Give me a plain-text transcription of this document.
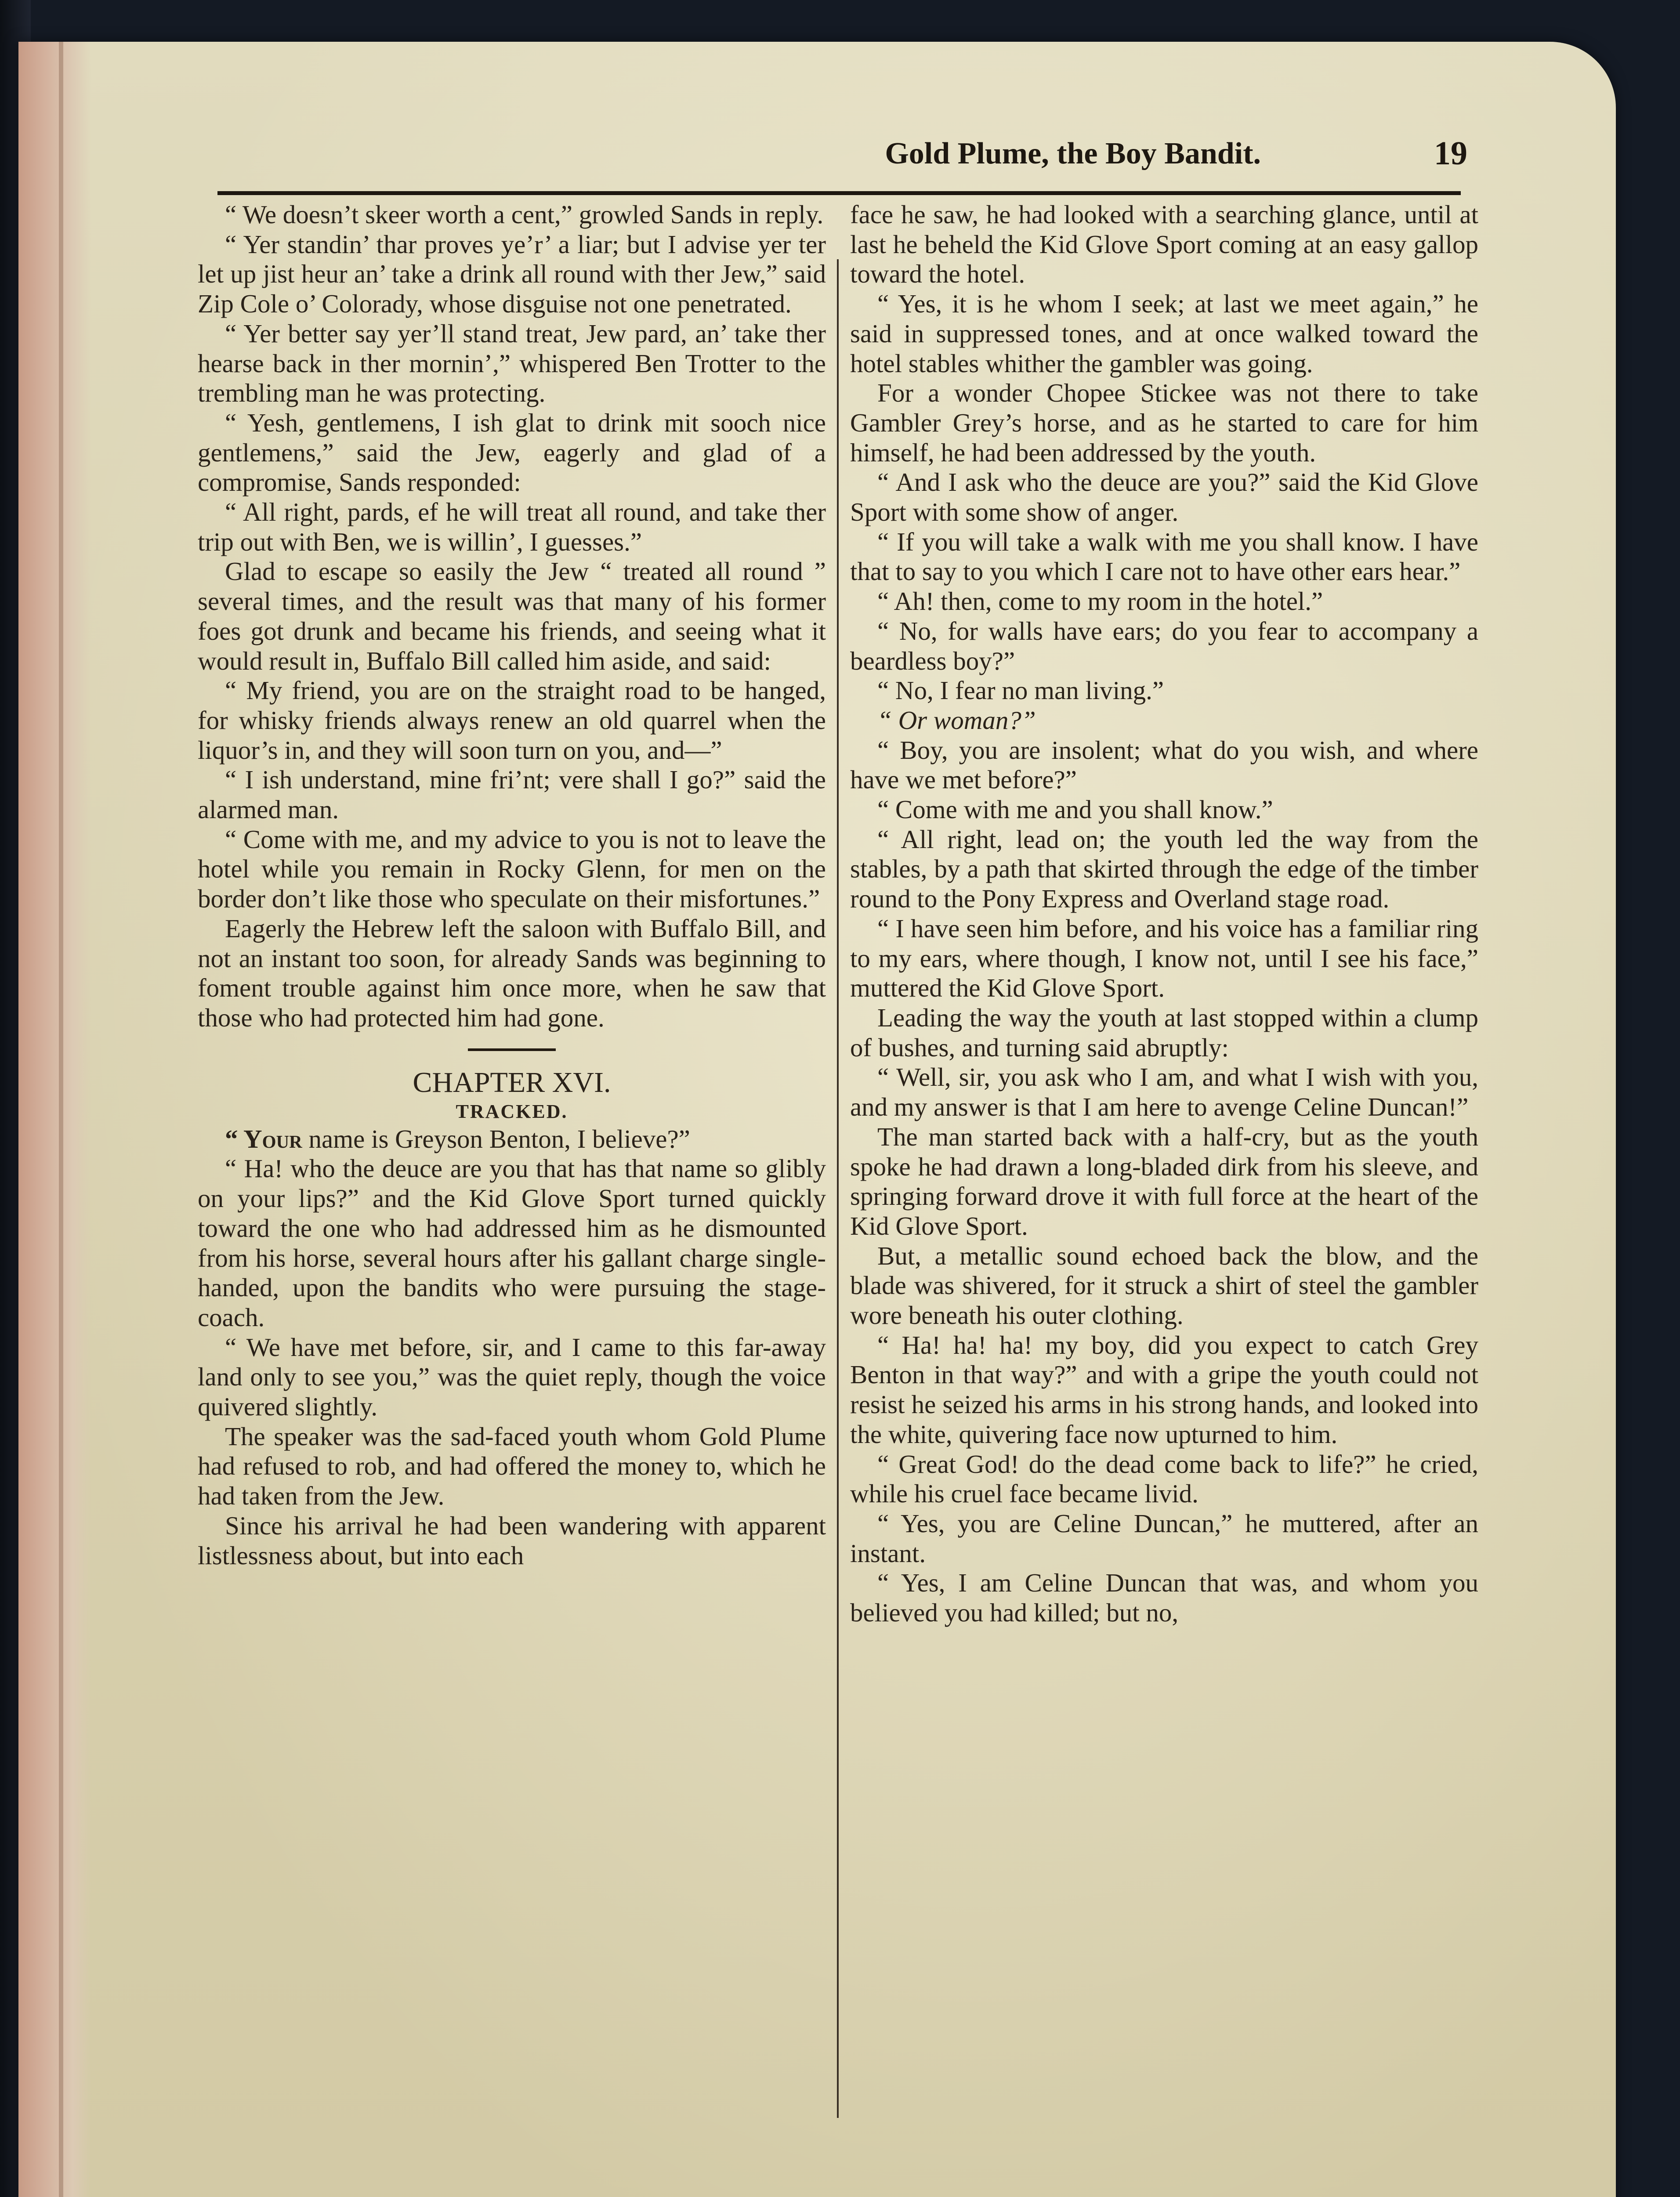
Gold Plume, the Boy Bandit.	19

“ We doesn’t skeer worth a cent,” growled Sands in reply.

“ Yer standin’ thar proves ye’r’ a liar; but I advise yer ter let up jist heur an’ take a drink all round with ther Jew,” said Zip Cole o’ Colorady, whose disguise not one penetrated.

“ Yer better say yer’ll stand treat, Jew pard, an’ take ther hearse back in ther mornin’,” whispered Ben Trotter to the trembling man he was protecting.

“ Yesh, gentlemens, I ish glat to drink mit sooch nice gentlemens,” said the Jew, eagerly and glad of a compromise, Sands responded:

“ All right, pards, ef he will treat all round, and take ther trip out with Ben, we is willin’, I guesses.”

Glad to escape so easily the Jew “ treated all round ” several times, and the result was that many of his former foes got drunk and became his friends, and seeing what it would result in, Buffalo Bill called him aside, and said:

“ My friend, you are on the straight road to be hanged, for whisky friends always renew an old quarrel when the liquor’s in, and they will soon turn on you, and—”

“ I ish understand, mine fri’nt; vere shall I go?” said the alarmed man.

“ Come with me, and my advice to you is not to leave the hotel while you remain in Rocky Glenn, for men on the border don’t like those who speculate on their misfortunes.”

Eagerly the Hebrew left the saloon with Buffalo Bill, and not an instant too soon, for already Sands was beginning to foment trouble against him once more, when he saw that those who had protected him had gone.

CHAPTER XVI.

TRACKED.

“ Your name is Greyson Benton, I believe?”

“ Ha! who the deuce are you that has that name so glibly on your lips?” and the Kid Glove Sport turned quickly toward the one who had addressed him as he dismounted from his horse, several hours after his gallant charge single-handed, upon the bandits who were pursuing the stage-coach.

“ We have met before, sir, and I came to this far-away land only to see you,” was the quiet reply, though the voice quivered slightly.

The speaker was the sad-faced youth whom Gold Plume had refused to rob, and had offered the money to, which he had taken from the Jew.

Since his arrival he had been wandering with apparent listlessness about, but into each

face he saw, he had looked with a searching glance, until at last he beheld the Kid Glove Sport coming at an easy gallop toward the hotel.

“ Yes, it is he whom I seek; at last we meet again,” he said in suppressed tones, and at once walked toward the hotel stables whither the gambler was going.

For a wonder Chopee Stickee was not there to take Gambler Grey’s horse, and as he started to care for him himself, he had been addressed by the youth.

“ And I ask who the deuce are you?” said the Kid Glove Sport with some show of anger.

“ If you will take a walk with me you shall know. I have that to say to you which I care not to have other ears hear.”

“ Ah! then, come to my room in the hotel.”

“ No, for walls have ears; do you fear to accompany a beardless boy?”

“ No, I fear no man living.”

“ Or woman?”

“ Boy, you are insolent; what do you wish, and where have we met before?”

“ Come with me and you shall know.”

“ All right, lead on; the youth led the way from the stables, by a path that skirted through the edge of the timber round to the Pony Express and Overland stage road.

“ I have seen him before, and his voice has a familiar ring to my ears, where though, I know not, until I see his face,” muttered the Kid Glove Sport.

Leading the way the youth at last stopped within a clump of bushes, and turning said abruptly:

“ Well, sir, you ask who I am, and what I wish with you, and my answer is that I am here to avenge Celine Duncan!”

The man started back with a half-cry, but as the youth spoke he had drawn a long-bladed dirk from his sleeve, and springing forward drove it with full force at the heart of the Kid Glove Sport.

But, a metallic sound echoed back the blow, and the blade was shivered, for it struck a shirt of steel the gambler wore beneath his outer clothing.

“ Ha! ha! ha! my boy, did you expect to catch Grey Benton in that way?” and with a gripe the youth could not resist he seized his arms in his strong hands, and looked into the white, quivering face now upturned to him.

“ Great God! do the dead come back to life?” he cried, while his cruel face became livid.

“ Yes, you are Celine Duncan,” he muttered, after an instant.

“ Yes, I am Celine Duncan that was, and whom you believed you had killed; but no,
